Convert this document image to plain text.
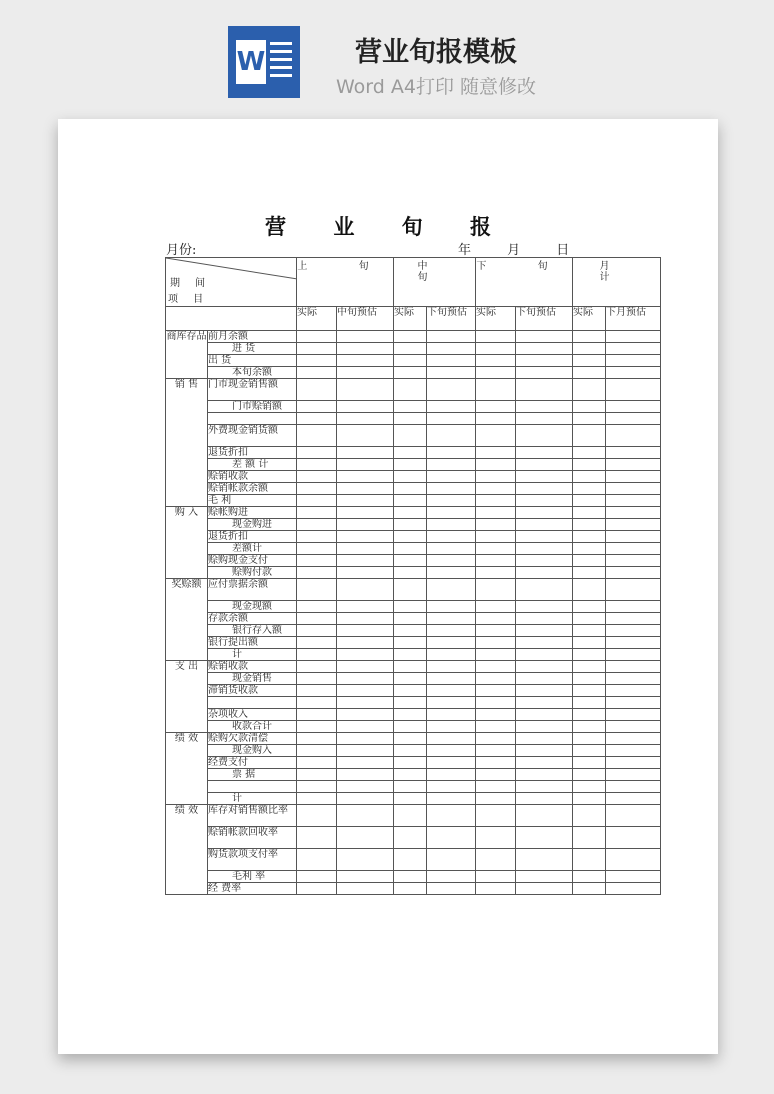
W	营业旬报模板
Word A4打印 随意修改
营 业 旬 报
月份:	年 月 日
期 间
项 目		上 旬		中 旬		下 旬		月 计	
		实际	中旬预估	实际	下旬预估	实际	下旬预估	实际	下月预估
商库存品	前月余额								
	进 货								
	出 货								
	本旬余额								
销 售	门市现金销售额								
	门市赊销额								

	外费现金销货额								
	退货折扣								
	差 额 计								
	赊销收款								
	赊销帐款余额								
	毛 利								
购 入	赊帐购进								
	现金购进								
	退货折扣								
	差额计								
	赊购现金支付								
	赊购付款								
奖赊额	应付票据余额								
	现金现额								
	存款余额								
	银行存入额								
	银行提出额								
	计								
支 出	赊销收款								
	现金销售								
	滞销货收款								

	杂项收入								
	收款合计								
绩 效	赊购欠款清偿								
	现金购入								
	经费支付								
	票 据								

	计								
绩 效	库存对销售额比率								
	赊销帐款回收率								
	购货款项支付率								
	毛利 率								
	经 费率								
